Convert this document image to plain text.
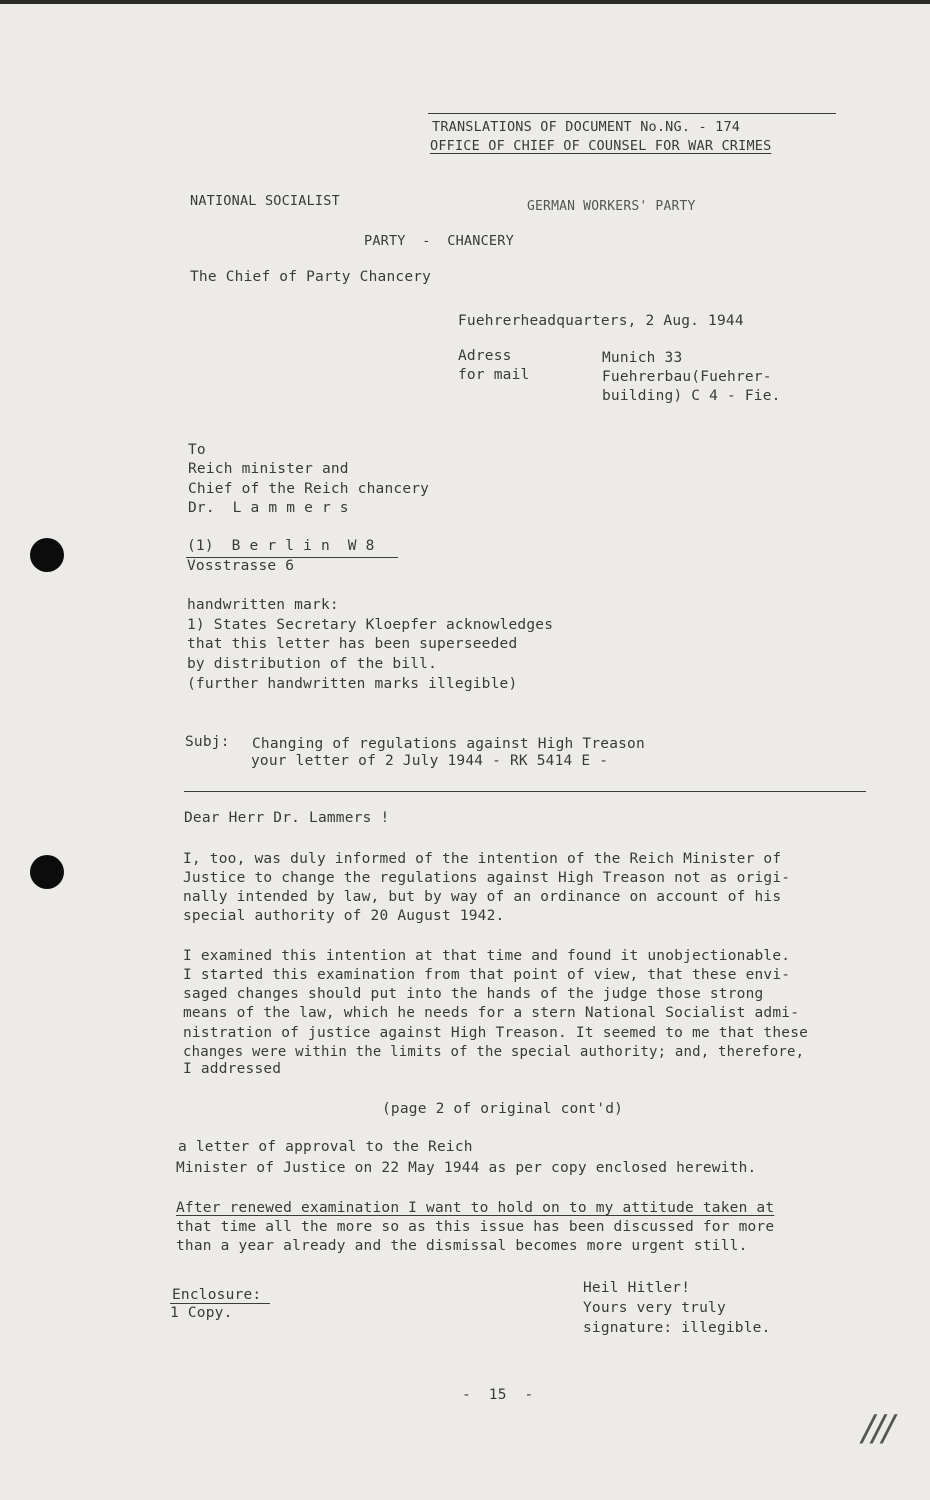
TRANSLATIONS OF DOCUMENT No.NG. - 174
OFFICE OF CHIEF OF COUNSEL FOR WAR CRIMES
NATIONAL SOCIALIST	GERMAN WORKERS' PARTY
PARTY  -  CHANCERY
The Chief of Party Chancery
Fuehrerheadquarters, 2 Aug. 1944
Adress
for mail
Munich 33
Fuehrerbau(Fuehrer-
building) C 4 - Fie.
To
Reich minister and
Chief of the Reich chancery
Dr.  L a m m e r s
(1)  B e r l i n  W 8
Vosstrasse 6
handwritten mark:
1) States Secretary Kloepfer acknowledges
that this letter has been superseeded
by distribution of the bill.
(further handwritten marks illegible)
Subj: Changing of regulations against High Treason
your letter of 2 July 1944 - RK 5414 E -
Dear Herr Dr. Lammers !
I, too, was duly informed of the intention of the Reich Minister of
Justice to change the regulations against High Treason not as origi-
nally intended by law, but by way of an ordinance on account of his
special authority of 20 August 1942.
I examined this intention at that time and found it unobjectionable.
I started this examination from that point of view, that these envi-
saged changes should put into the hands of the judge those strong
means of the law, which he needs for a stern National Socialist admi-
nistration of justice against High Treason. It seemed to me that these
changes were within the limits of the special authority; and, therefore,
I addressed
(page 2 of original cont'd)
a letter of approval to the Reich
Minister of Justice on 22 May 1944 as per copy enclosed herewith.
After renewed examination I want to hold on to my attitude taken at
that time all the more so as this issue has been discussed for more
than a year already and the dismissal becomes more urgent still.
Enclosure:
1 Copy.
Heil Hitler!
Yours very truly
signature: illegible.
-  15  -
///
